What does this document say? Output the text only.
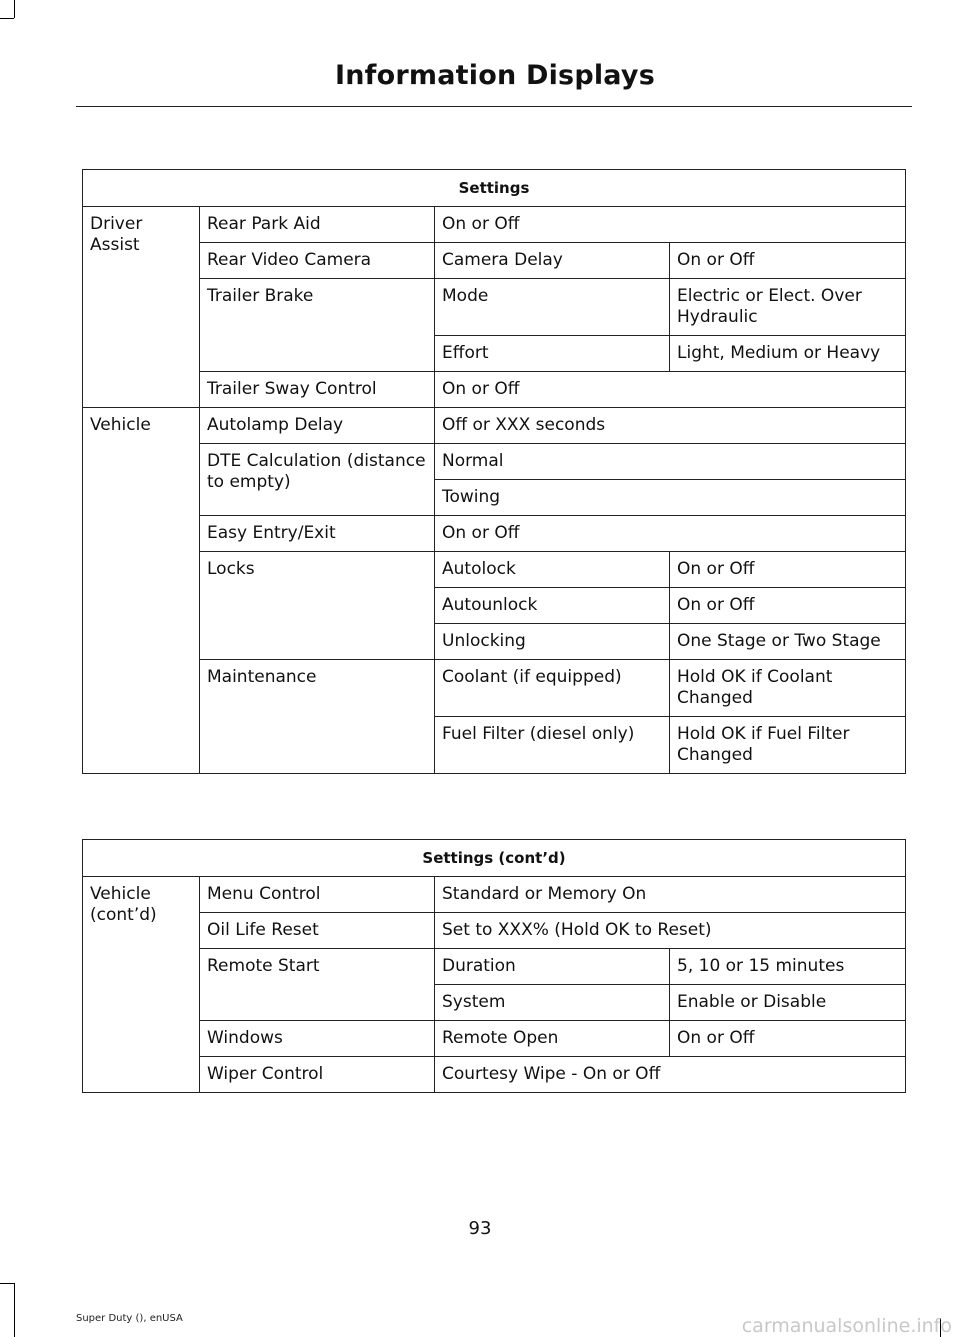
Information Displays
Settings			
Driver Assist	Rear Park Aid	On or Off	
	Rear Video Camera	Camera Delay	On or Off
	Trailer Brake	Mode	Electric or Elect. Over Hydraulic
		Effort	Light, Medium or Heavy
	Trailer Sway Control	On or Off	
Vehicle	Autolamp Delay	Off or XXX seconds	
	DTE Calculation (distance to empty)	Normal	
		Towing	
	Easy Entry/Exit	On or Off	
	Locks	Autolock	On or Off
		Autounlock	On or Off
		Unlocking	One Stage or Two Stage
	Maintenance	Coolant (if equipped)	Hold OK if Coolant Changed
		Fuel Filter (diesel only)	Hold OK if Fuel Filter Changed
Settings (cont’d)			
Vehicle (cont’d)	Menu Control	Standard or Memory On	
	Oil Life Reset	Set to XXX% (Hold OK to Reset)	
	Remote Start	Duration	5, 10 or 15 minutes
		System	Enable or Disable
	Windows	Remote Open	On or Off
	Wiper Control	Courtesy Wipe - On or Off	
93
Super Duty (), enUSA	carmanualsonline.info
